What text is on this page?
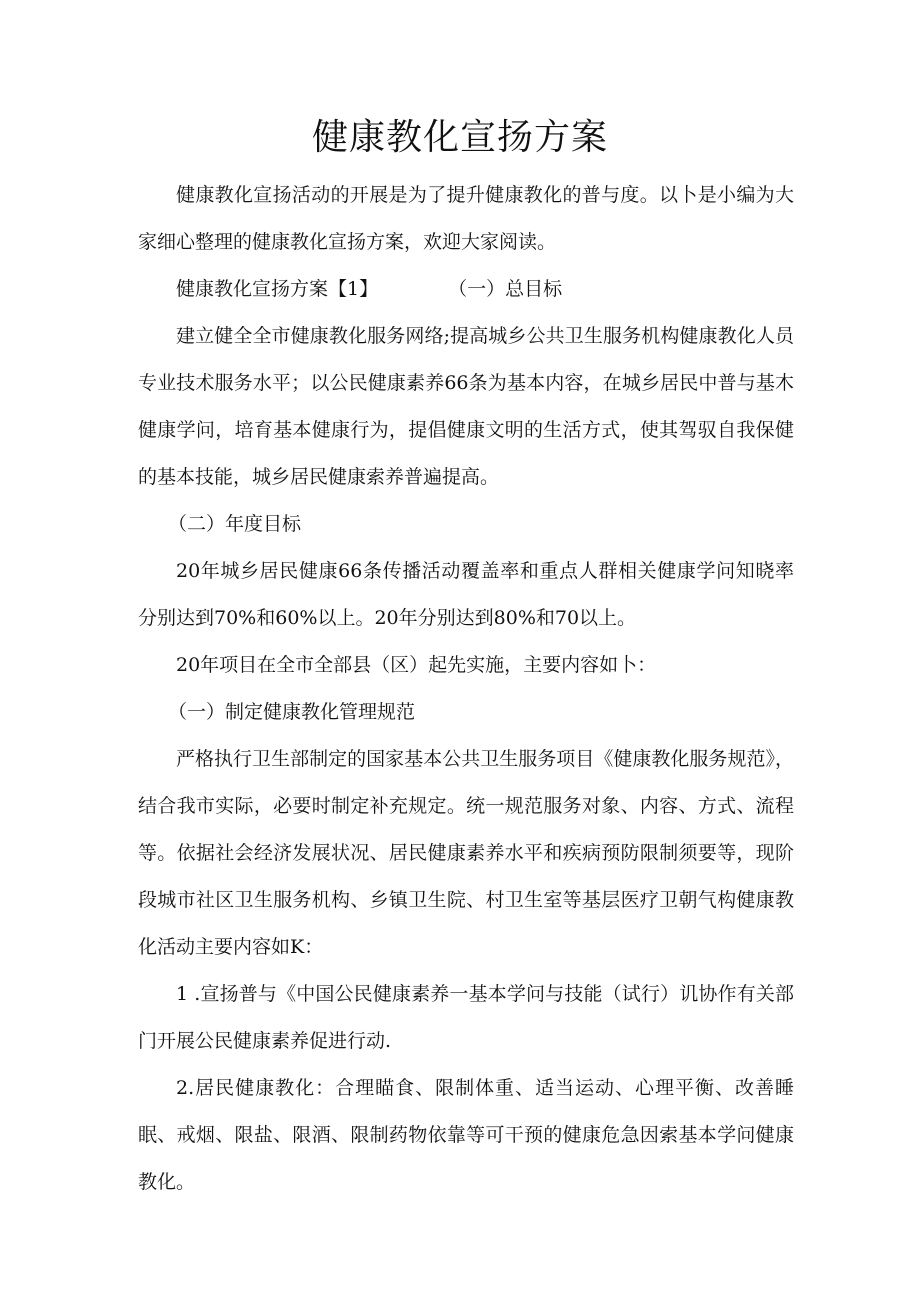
健康教化宣扬方案

健康教化宣扬活动的开展是为了提升健康教化的普与度。以卜是小编为大家细心整理的健康教化宣扬方案，欢迎大家阅读。

健康教化宣扬方案【1】	（一）总目标

建立健全全市健康教化服务网络;提高城乡公共卫生服务机构健康教化人员专业技术服务水平；以公民健康素养66条为基本内容，在城乡居民中普与基木健康学问，培育基本健康行为，提倡健康文明的生活方式，使其驾驭自我保健的基本技能，城乡居民健康索养普遍提高。

（二）年度目标

20年城乡居民健康66条传播活动覆盖率和重点人群相关健康学问知晓率分别达到70%和60%以上。20年分别达到80%和70以上。

20年项目在全市全部县（区）起先实施，主要内容如卜：

（一）制定健康教化管理规范

严格执行卫生部制定的国家基本公共卫生服务项目《健康教化服务规范》，结合我市实际，必要时制定补充规定。统一规范服务对象、内容、方式、流程等。依据社会经济发展状况、居民健康素养水平和疾病预防限制须要等，现阶段城市社区卫生服务机构、乡镇卫生院、村卫生室等基层医疗卫朝气构健康教化活动主要内容如K：

1 .宣扬普与《中国公民健康素养一基本学问与技能（试行）讥协作有关部门开展公民健康素养促进行动.

2.居民健康教化：合理瞄食、限制体重、适当运动、心理平衡、改善睡眠、戒烟、限盐、限酒、限制药物依靠等可干预的健康危急因索基本学问健康教化。
